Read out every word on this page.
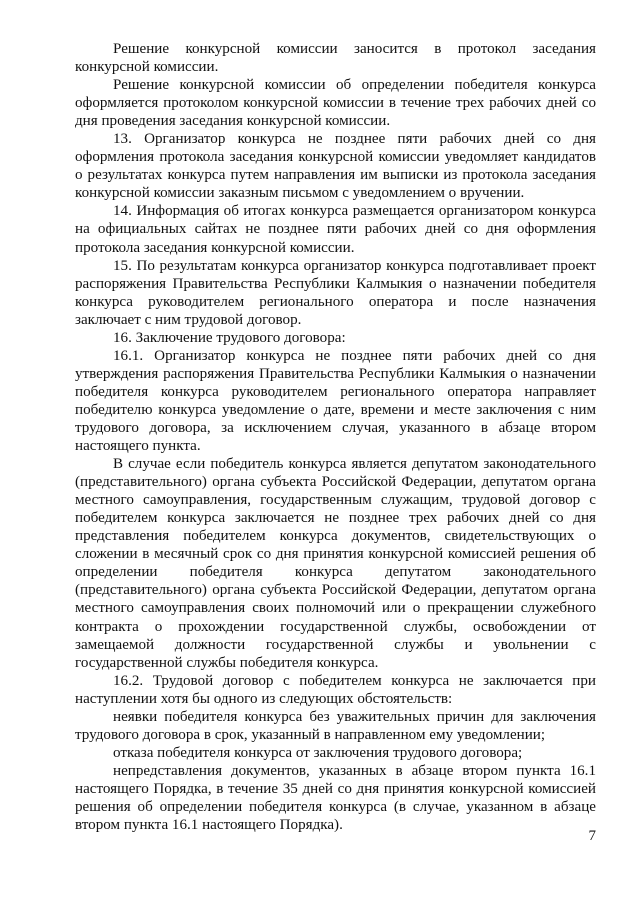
Решение конкурсной комиссии заносится в протокол заседания конкурсной комиссии.

Решение конкурсной комиссии об определении победителя конкурса оформляется протоколом конкурсной комиссии в течение трех рабочих дней со дня проведения заседания конкурсной комиссии.

13. Организатор конкурса не позднее пяти рабочих дней со дня оформления протокола заседания конкурсной комиссии уведомляет кандидатов о результатах конкурса путем направления им выписки из протокола заседания конкурсной комиссии заказным письмом с уведомлением о вручении.

14. Информация об итогах конкурса размещается организатором конкурса на официальных сайтах не позднее пяти рабочих дней со дня оформления протокола заседания конкурсной комиссии.

15. По результатам конкурса организатор конкурса подготавливает проект распоряжения Правительства Республики Калмыкия о назначении победителя конкурса руководителем регионального оператора и после назначения заключает с ним трудовой договор.

16. Заключение трудового договора:

16.1. Организатор конкурса не позднее пяти рабочих дней со дня утверждения распоряжения Правительства Республики Калмыкия о назначении победителя конкурса руководителем регионального оператора направляет победителю конкурса уведомление о дате, времени и месте заключения с ним трудового договора, за исключением случая, указанного в абзаце втором настоящего пункта.

В случае если победитель конкурса является депутатом законодательного (представительного) органа субъекта Российской Федерации, депутатом органа местного самоуправления, государственным служащим, трудовой договор с победителем конкурса заключается не позднее трех рабочих дней со дня представления победителем конкурса документов, свидетельствующих о сложении в месячный срок со дня принятия конкурсной комиссией решения об определении победителя конкурса депутатом законодательного (представительного) органа субъекта Российской Федерации, депутатом органа местного самоуправления своих полномочий или о прекращении служебного контракта о прохождении государственной службы, освобождении от замещаемой должности государственной службы и увольнении с государственной службы победителя конкурса.

16.2. Трудовой договор с победителем конкурса не заключается при наступлении хотя бы одного из следующих обстоятельств:

неявки победителя конкурса без уважительных причин для заключения трудового договора в срок, указанный в направленном ему уведомлении;

отказа победителя конкурса от заключения трудового договора;

непредставления документов, указанных в абзаце втором пункта 16.1 настоящего Порядка, в течение 35 дней со дня принятия конкурсной комиссией решения об определении победителя конкурса (в случае, указанном в абзаце втором пункта 16.1 настоящего Порядка).

7
